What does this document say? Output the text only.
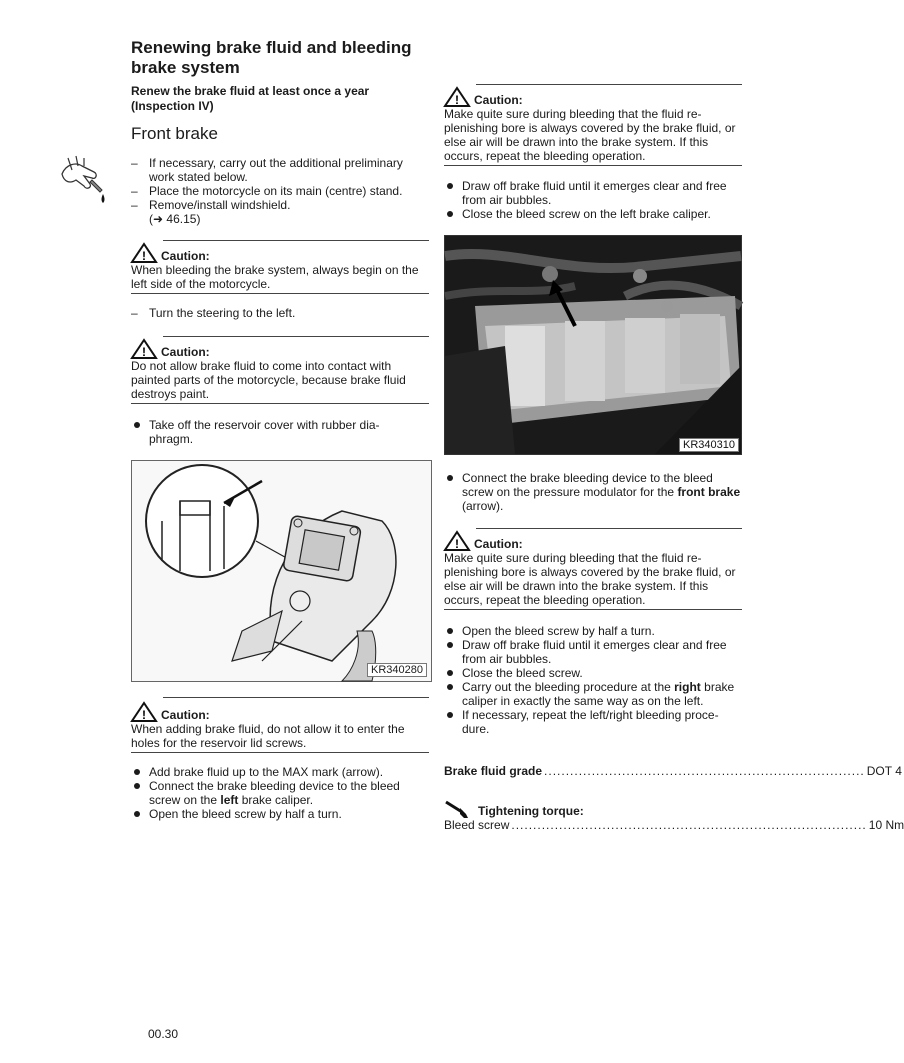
Renewing brake fluid and bleeding brake system
Renew the brake fluid at least once a year (Inspection IV)
Front brake
– If necessary, carry out the additional preliminary work stated below.
– Place the motorcycle on its main (centre) stand.
– Remove/install windshield.
(➜ 46.15)
! Caution:
When bleeding the brake system, always begin on the left side of the motorcycle.
– Turn the steering to the left.
! Caution:
Do not allow brake fluid to come into contact with painted parts of the motorcycle, because brake fluid destroys paint.
Take off the reservoir cover with rubber dia- phragm.
KR340280
! Caution:
When adding brake fluid, do not allow it to enter the holes for the reservoir lid screws.
Add brake fluid up to the MAX mark (arrow).
Connect the brake bleeding device to the bleed screw on the left brake caliper.
Open the bleed screw by half a turn.
! Caution:
Make quite sure during bleeding that the fluid re- plenishing bore is always covered by the brake fluid, or else air will be drawn into the brake system. If this occurs, repeat the bleeding operation.
Draw off brake fluid until it emerges clear and free from air bubbles.
Close the bleed screw on the left brake caliper.
KR340310
Connect the brake bleeding device to the bleed screw on the pressure modulator for the front brake (arrow).
! Caution:
Make quite sure during bleeding that the fluid re- plenishing bore is always covered by the brake fluid, or else air will be drawn into the brake system. If this occurs, repeat the bleeding operation.
Open the bleed screw by half a turn.
Draw off brake fluid until it emerges clear and free from air bubbles.
Close the bleed screw.
Carry out the bleeding procedure at the right brake caliper in exactly the same way as on the left.
If necessary, repeat the left/right bleeding proce- dure.
Brake fluid grade .......................................................................... DOT 4
Tightening torque:
Bleed screw .................................................................................. 10 Nm
00.30
